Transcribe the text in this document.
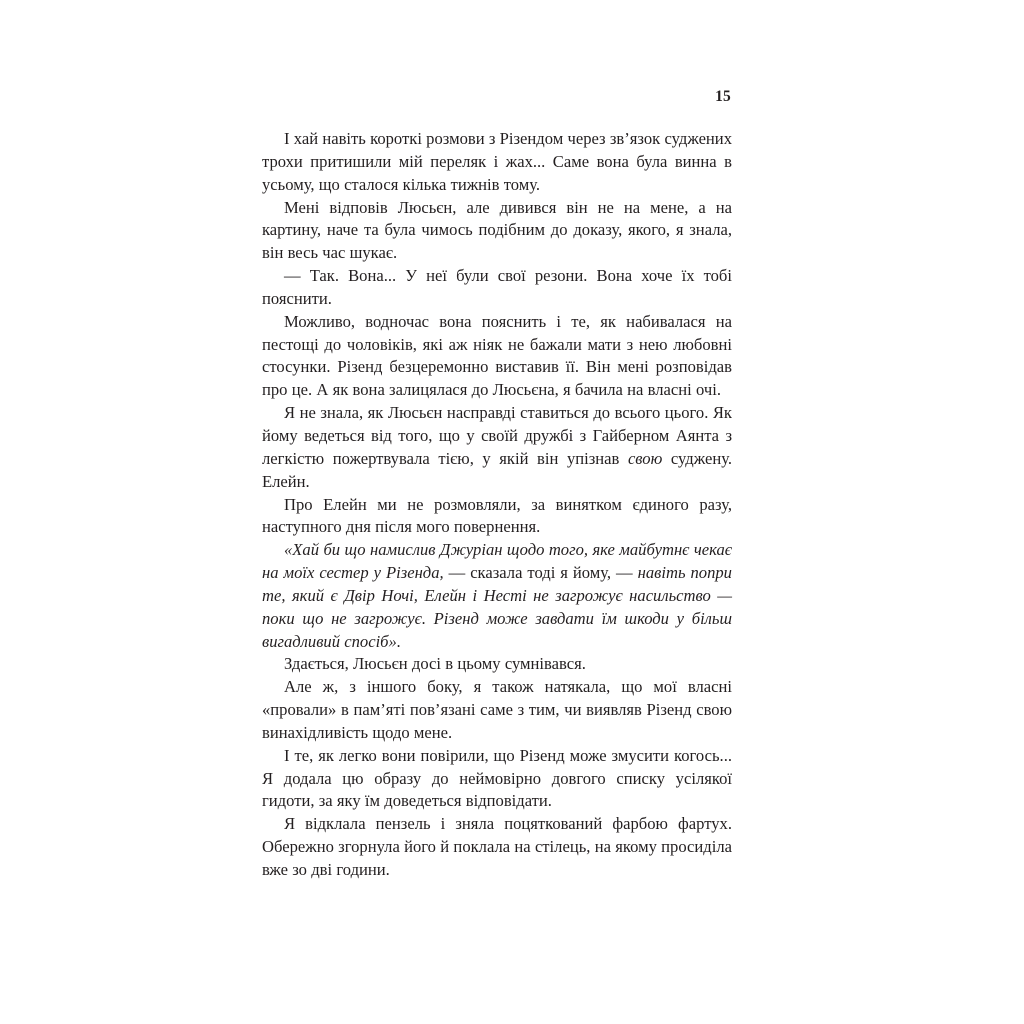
15

І хай навіть короткі розмови з Різендом через зв’язок суджених трохи притишили мій переляк і жах... Саме вона була винна в усьому, що сталося кілька тижнів тому.

Мені відповів Люсьєн, але дивився він не на мене, а на картину, наче та була чимось подібним до доказу, якого, я знала, він весь час шукає.

— Так. Вона... У неї були свої резони. Вона хоче їх тобі пояснити.

Можливо, водночас вона пояснить і те, як набивалася на пестощі до чоловіків, які аж ніяк не бажали мати з нею любовні стосунки. Різенд безцеремонно виставив її. Він мені розповідав про це. А як вона залицялася до Люсьєна, я бачила на власні очі.

Я не знала, як Люсьєн насправді ставиться до всього цього. Як йому ведеться від того, що у своїй дружбі з Гайберном Аянта з легкістю пожертвувала тією, у якій він упізнав свою суджену. Елейн.

Про Елейн ми не розмовляли, за винятком єдиного разу, наступного дня після мого повернення.

«Хай би що намислив Джуріан щодо того, яке майбутнє чекає на моїх сестер у Різенда, — сказала тоді я йому, — навіть попри те, який є Двір Ночі, Елейн і Несті не загрожує насильство — поки що не загрожує. Різенд може завдати їм шкоди у більш вигадливий спосіб».

Здається, Люсьєн досі в цьому сумнівався.

Але ж, з іншого боку, я також натякала, що мої власні «провали» в пам’яті пов’язані саме з тим, чи виявляв Різенд свою винахідливість щодо мене.

І те, як легко вони повірили, що Різенд може змусити когось... Я додала цю образу до неймовірно довгого списку усілякої гидоти, за яку їм доведеться відповідати.

Я відклала пензель і зняла поцяткований фарбою фартух. Обережно згорнула його й поклала на стілець, на якому просиділа вже зо дві години.
